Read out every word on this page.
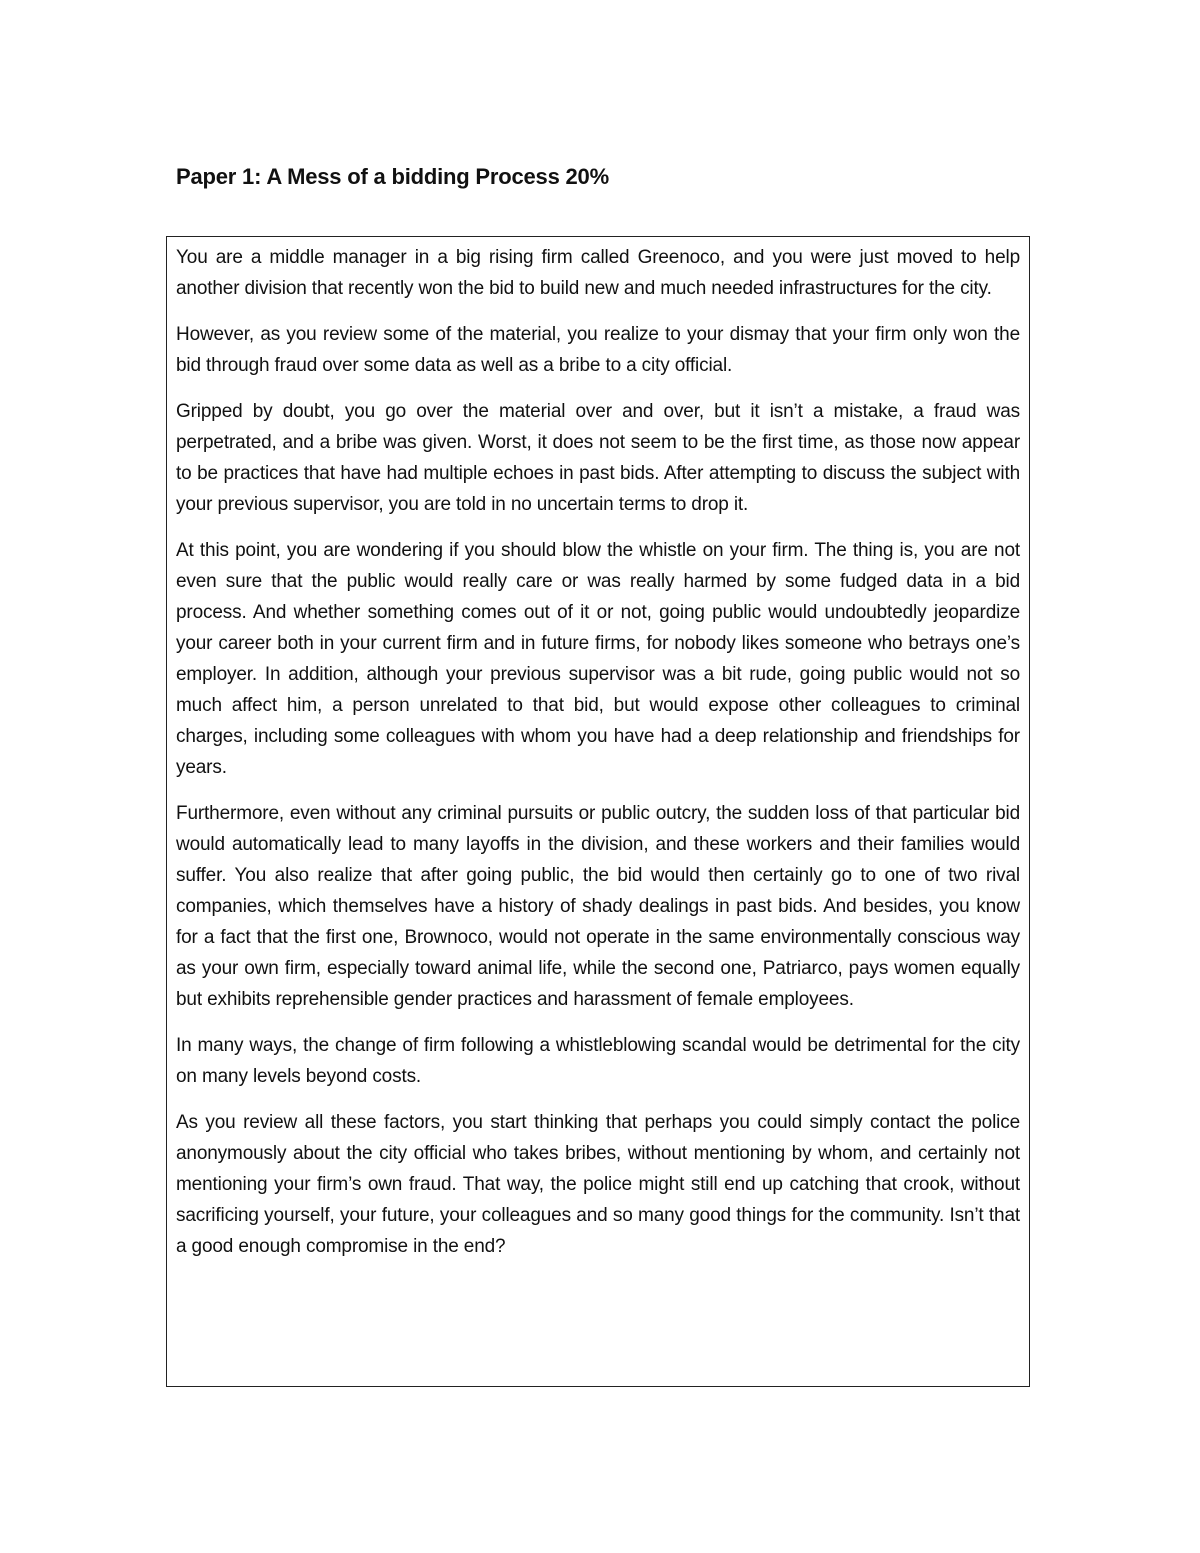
Paper 1: A Mess of a bidding Process 20%

You are a middle manager in a big rising firm called Greenoco, and you were just moved to help another division that recently won the bid to build new and much needed infrastructures for the city.

However, as you review some of the material, you realize to your dismay that your firm only won the bid through fraud over some data as well as a bribe to a city official.

Gripped by doubt, you go over the material over and over, but it isn’t a mistake, a fraud was perpetrated, and a bribe was given. Worst, it does not seem to be the first time, as those now appear to be practices that have had multiple echoes in past bids. After attempting to discuss the subject with your previous supervisor, you are told in no uncertain terms to drop it.

At this point, you are wondering if you should blow the whistle on your firm. The thing is, you are not even sure that the public would really care or was really harmed by some fudged data in a bid process. And whether something comes out of it or not, going public would undoubtedly jeopardize your career both in your current firm and in future firms, for nobody likes someone who betrays one’s employer. In addition, although your previous supervisor was a bit rude, going public would not so much affect him, a person unrelated to that bid, but would expose other colleagues to criminal charges, including some colleagues with whom you have had a deep relationship and friendships for years.

Furthermore, even without any criminal pursuits or public outcry, the sudden loss of that particular bid would automatically lead to many layoffs in the division, and these workers and their families would suffer. You also realize that after going public, the bid would then certainly go to one of two rival companies, which themselves have a history of shady dealings in past bids. And besides, you know for a fact that the first one, Brownoco, would not operate in the same environmentally conscious way as your own firm, especially toward animal life, while the second one, Patriarco, pays women equally but exhibits reprehensible gender practices and harassment of female employees.

In many ways, the change of firm following a whistleblowing scandal would be detrimental for the city on many levels beyond costs.

As you review all these factors, you start thinking that perhaps you could simply contact the police anonymously about the city official who takes bribes, without mentioning by whom, and certainly not mentioning your firm’s own fraud. That way, the police might still end up catching that crook, without sacrificing yourself, your future, your colleagues and so many good things for the community. Isn’t that a good enough compromise in the end?
